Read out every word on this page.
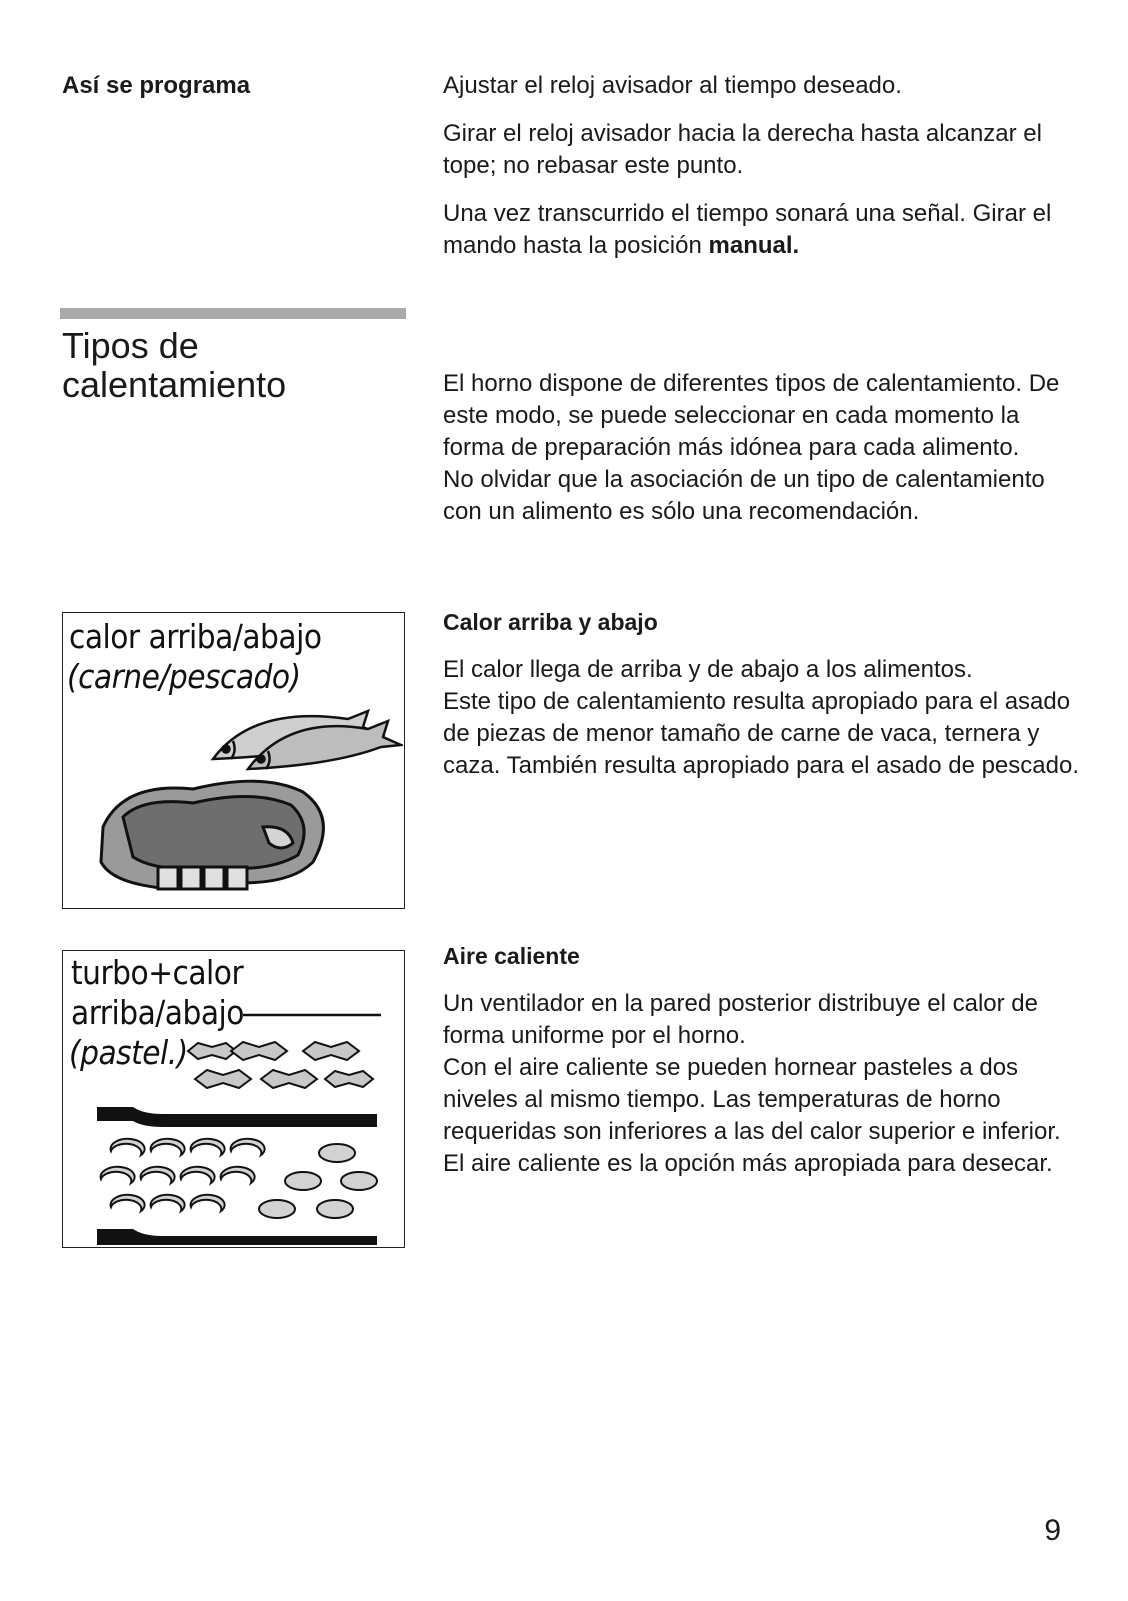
Así se programa	Ajustar el reloj avisador al tiempo deseado.

Girar el reloj avisador hacia la derecha hasta alcanzar el tope; no rebasar este punto.

Una vez transcurrido el tiempo sonará una señal. Girar el mando hasta la posición manual.

Tipos de calentamiento	El horno dispone de diferentes tipos de calentamiento. De este modo, se puede seleccionar en cada momento la forma de preparación más idónea para cada alimento.

No olvidar que la asociación de un tipo de calentamiento con un alimento es sólo una recomendación.

Calor arriba y abajo

El calor llega de arriba y de abajo a los alimentos.

Este tipo de calentamiento resulta apropiado para el asado de piezas de menor tamaño de carne de vaca, ternera y caza. También resulta apropiado para el asado de pescado.

calor arriba/abajo
(carne/pescado)
Aire caliente

Un ventilador en la pared posterior distribuye el calor de forma uniforme por el horno.

Con el aire caliente se pueden hornear pasteles a dos niveles al mismo tiempo. Las temperaturas de horno requeridas son inferiores a las del calor superior e inferior.

El aire caliente es la opción más apropiada para desecar.

turbo+calor
arriba/abajo
(pastel.)
9
